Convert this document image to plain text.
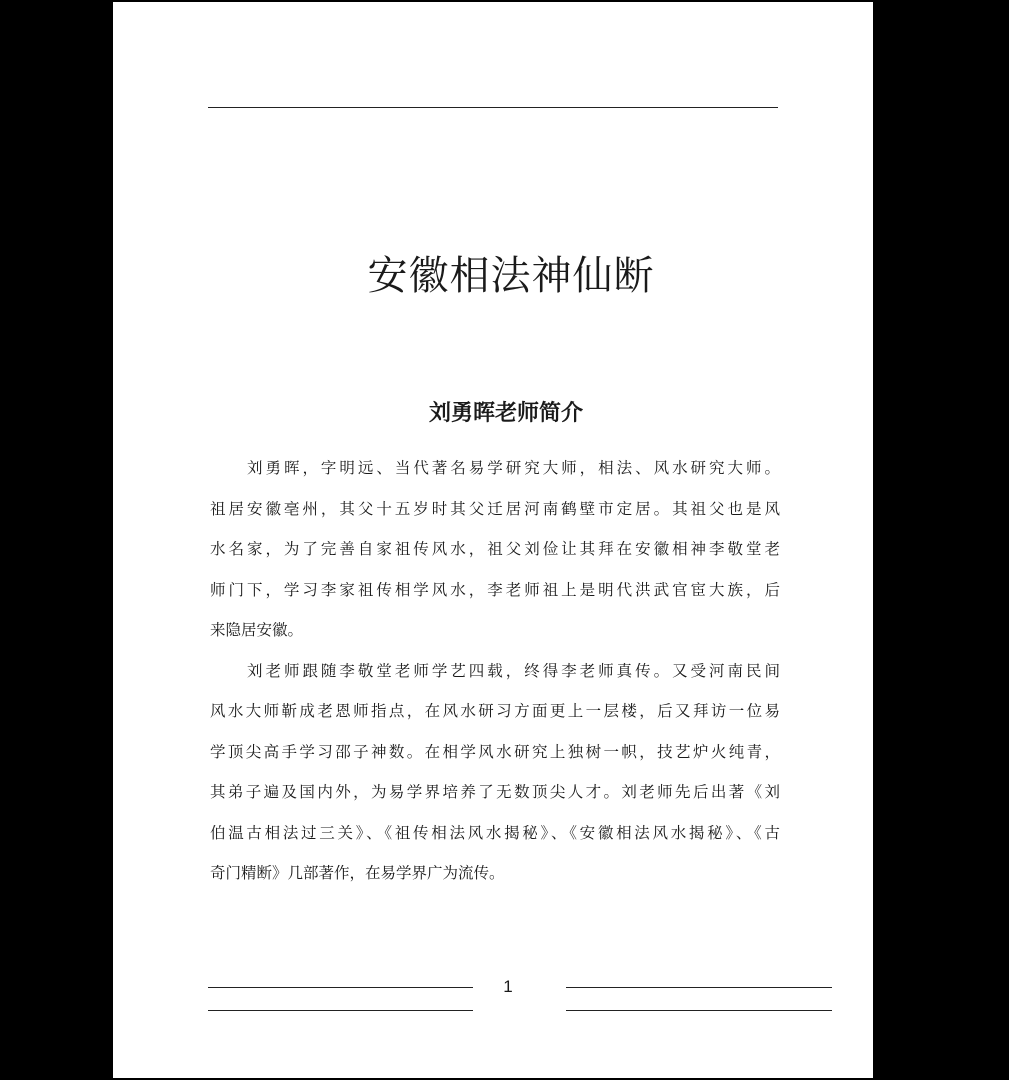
安徽相法神仙断
刘勇晖老师简介
刘勇晖，字明远、当代著名易学研究大师，相法、风水研究大师。
祖居安徽亳州，其父十五岁时其父迁居河南鹤壁市定居。其祖父也是风
水名家，为了完善自家祖传风水，祖父刘俭让其拜在安徽相神李敬堂老
师门下，学习李家祖传相学风水，李老师祖上是明代洪武官宦大族，后
来隐居安徽。
刘老师跟随李敬堂老师学艺四载，终得李老师真传。又受河南民间
风水大师靳成老恩师指点，在风水研习方面更上一层楼，后又拜访一位易
学顶尖高手学习邵子神数。在相学风水研究上独树一帜，技艺炉火纯青，
其弟子遍及国内外，为易学界培养了无数顶尖人才。刘老师先后出著《刘
伯温古相法过三关》、《祖传相法风水揭秘》、《安徽相法风水揭秘》、《古
奇门精断》几部著作，在易学界广为流传。
1
